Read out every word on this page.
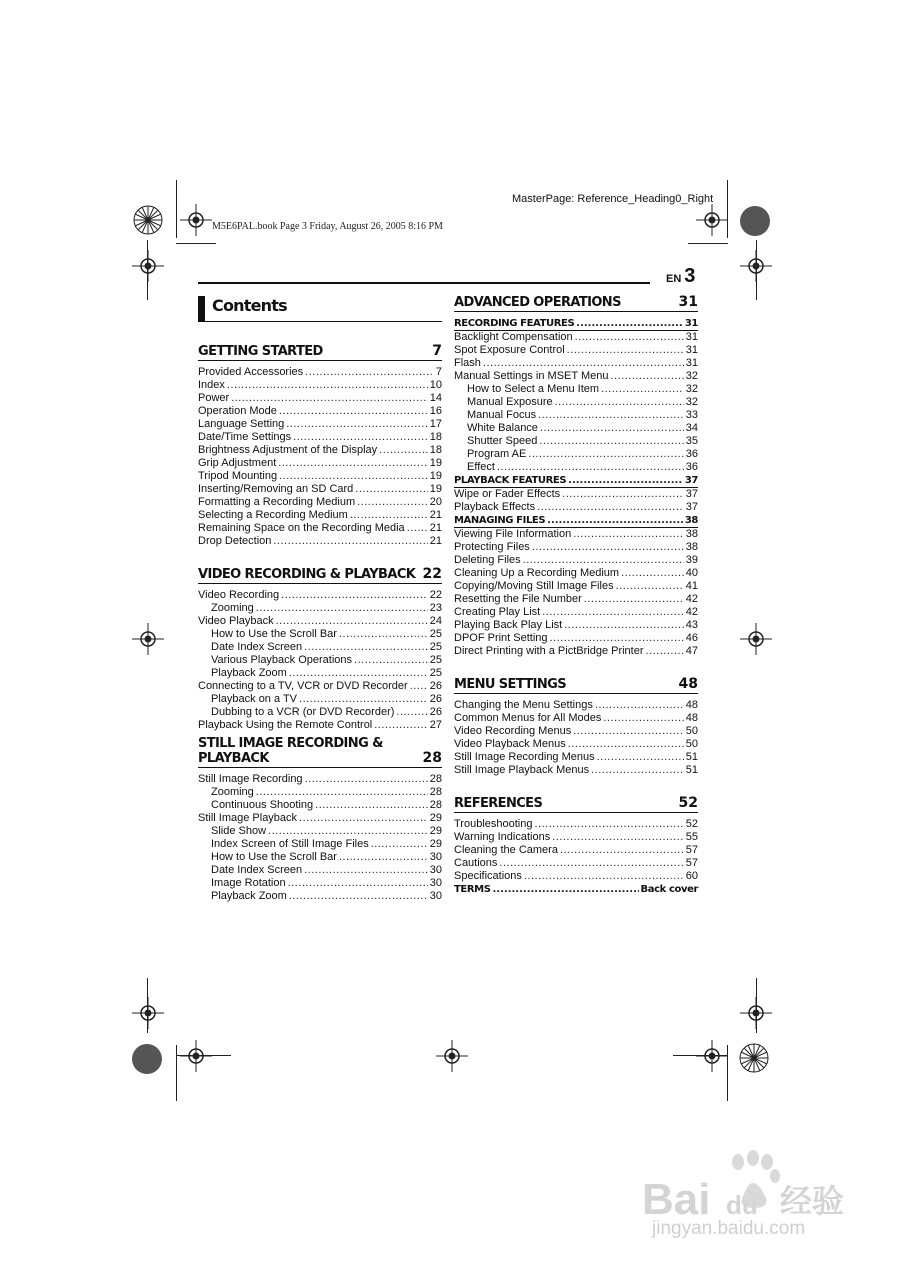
MasterPage: Reference_Heading0_Right
M5E6PAL.book Page 3 Friday, August 26, 2005 8:16 PM
EN 3
Contents
GETTING STARTED	7
Provided Accessories .....	7
Index .....	10
Power .....	14
Operation Mode .....	16
Language Setting .....	17
Date/Time Settings .....	18
Brightness Adjustment of the Display .....	18
Grip Adjustment .....	19
Tripod Mounting .....	19
Inserting/Removing an SD Card .....	19
Formatting a Recording Medium .....	20
Selecting a Recording Medium .....	21
Remaining Space on the Recording Media ..... 21
Drop Detection .....	21
VIDEO RECORDING & PLAYBACK 22
Video Recording .....	22
Zooming .....	23
Video Playback .....	24
How to Use the Scroll Bar .....	25
Date Index Screen .....	25
Various Playback Operations .....	25
Playback Zoom .....	25
Connecting to a TV, VCR or DVD Recorder ..... 26
Playback on a TV .....	26
Dubbing to a VCR (or DVD Recorder) .....	26
Playback Using the Remote Control .....	27
STILL IMAGE RECORDING & PLAYBACK	28
Still Image Recording .....	28
Zooming .....	28
Continuous Shooting .....	28
Still Image Playback .....	29
Slide Show .....	29
Index Screen of Still Image Files .....	29
How to Use the Scroll Bar .....	30
Date Index Screen .....	30
Image Rotation .....	30
Playback Zoom .....	30
ADVANCED OPERATIONS	31
RECORDING FEATURES .....	31
Backlight Compensation .....	31
Spot Exposure Control .....	31
Flash .....	31
Manual Settings in MSET Menu .....	32
How to Select a Menu Item .....	32
Manual Exposure .....	32
Manual Focus .....	33
White Balance .....	34
Shutter Speed .....	35
Program AE .....	36
Effect .....	36
PLAYBACK FEATURES .....	37
Wipe or Fader Effects .....	37
Playback Effects .....	37
MANAGING FILES .....	38
Viewing File Information .....	38
Protecting Files .....	38
Deleting Files .....	39
Cleaning Up a Recording Medium .....	40
Copying/Moving Still Image Files .....	41
Resetting the File Number .....	42
Creating Play List .....	42
Playing Back Play List .....	43
DPOF Print Setting .....	46
Direct Printing with a PictBridge Printer .....	47
MENU SETTINGS	48
Changing the Menu Settings .....	48
Common Menus for All Modes .....	48
Video Recording Menus .....	50
Video Playback Menus .....	50
Still Image Recording Menus .....	51
Still Image Playback Menus .....	51
REFERENCES	52
Troubleshooting .....	52
Warning Indications .....	55
Cleaning the Camera .....	57
Cautions .....	57
Specifications .....	60
TERMS .....	Back cover
Bai du 经验
jingyan.baidu.com
